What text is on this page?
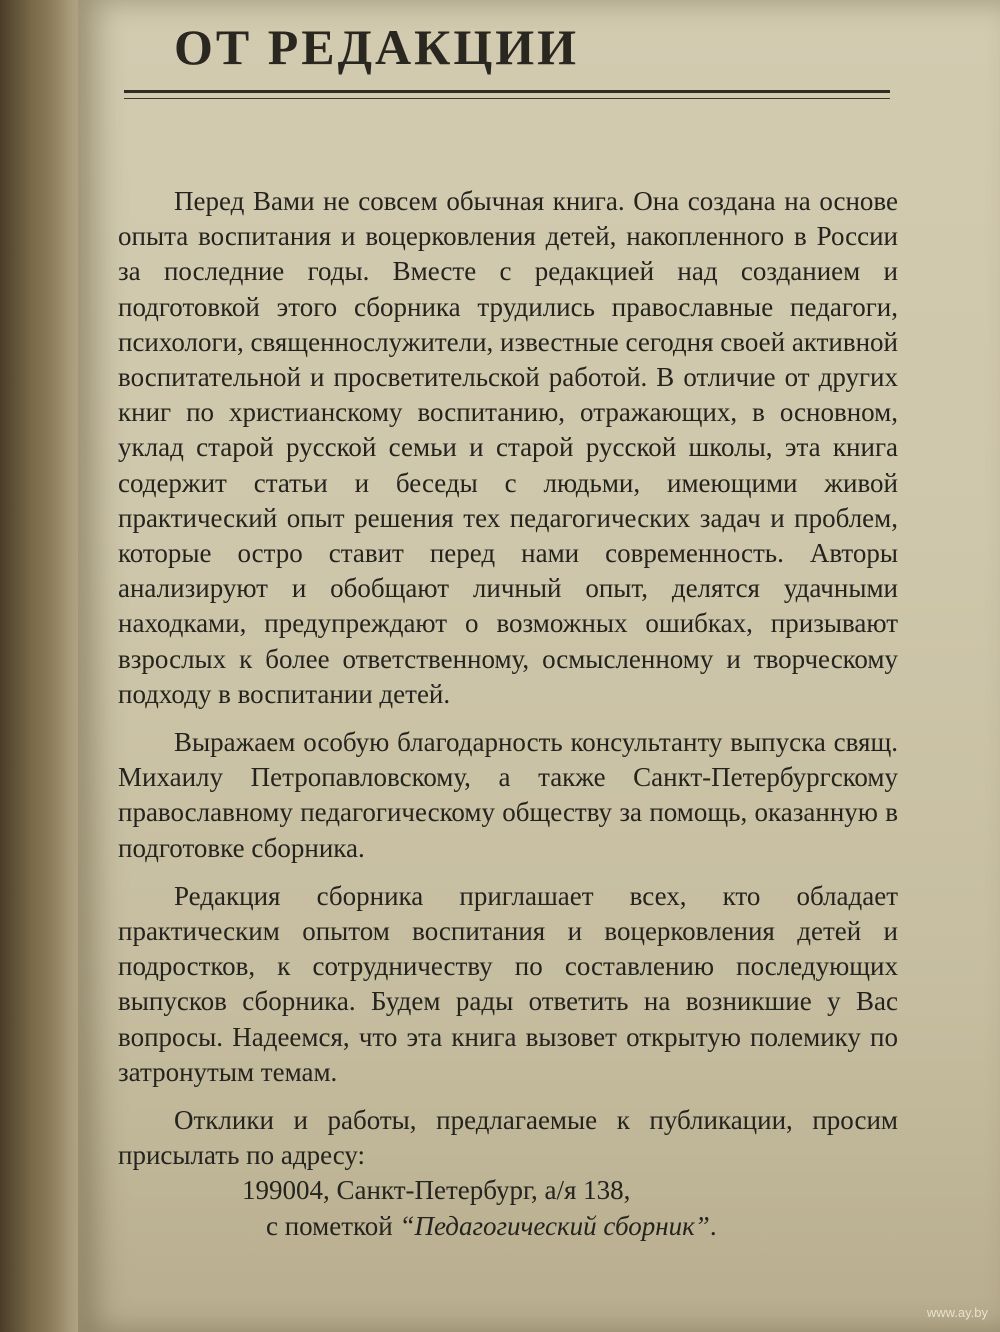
ОТ РЕДАКЦИИ

Перед Вами не совсем обычная книга. Она создана на основе опыта воспитания и воцерковления детей, накопленного в России за последние годы. Вместе с редакцией над созданием и подготовкой этого сборника трудились православные педагоги, психологи, священнослужители, известные сегодня своей активной воспитательной и просветительской работой. В отличие от других книг по христианскому воспитанию, отражающих, в основном, уклад старой русской семьи и старой русской школы, эта книга содержит статьи и беседы с людьми, имеющими живой практический опыт решения тех педагогических задач и проблем, которые остро ставит перед нами современность. Авторы анализируют и обобщают личный опыт, делятся удачными находками, предупреждают о возможных ошибках, призывают взрослых к более ответственному, осмысленному и творческому подходу в воспитании детей.

Выражаем особую благодарность консультанту выпуска свящ. Михаилу Петропавловскому, а также Санкт-Петербургскому православному педагогическому обществу за помощь, оказанную в подготовке сборника.

Редакция сборника приглашает всех, кто обладает практическим опытом воспитания и воцерковления детей и подростков, к сотрудничеству по составлению последующих выпусков сборника. Будем рады ответить на возникшие у Вас вопросы. Надеемся, что эта книга вызовет открытую полемику по затронутым темам.

Отклики и работы, предлагаемые к публикации, просим присылать по адресу:

199004, Санкт-Петербург, а/я 138,
с пометкой “Педагогический сборник”.
www.ay.by
